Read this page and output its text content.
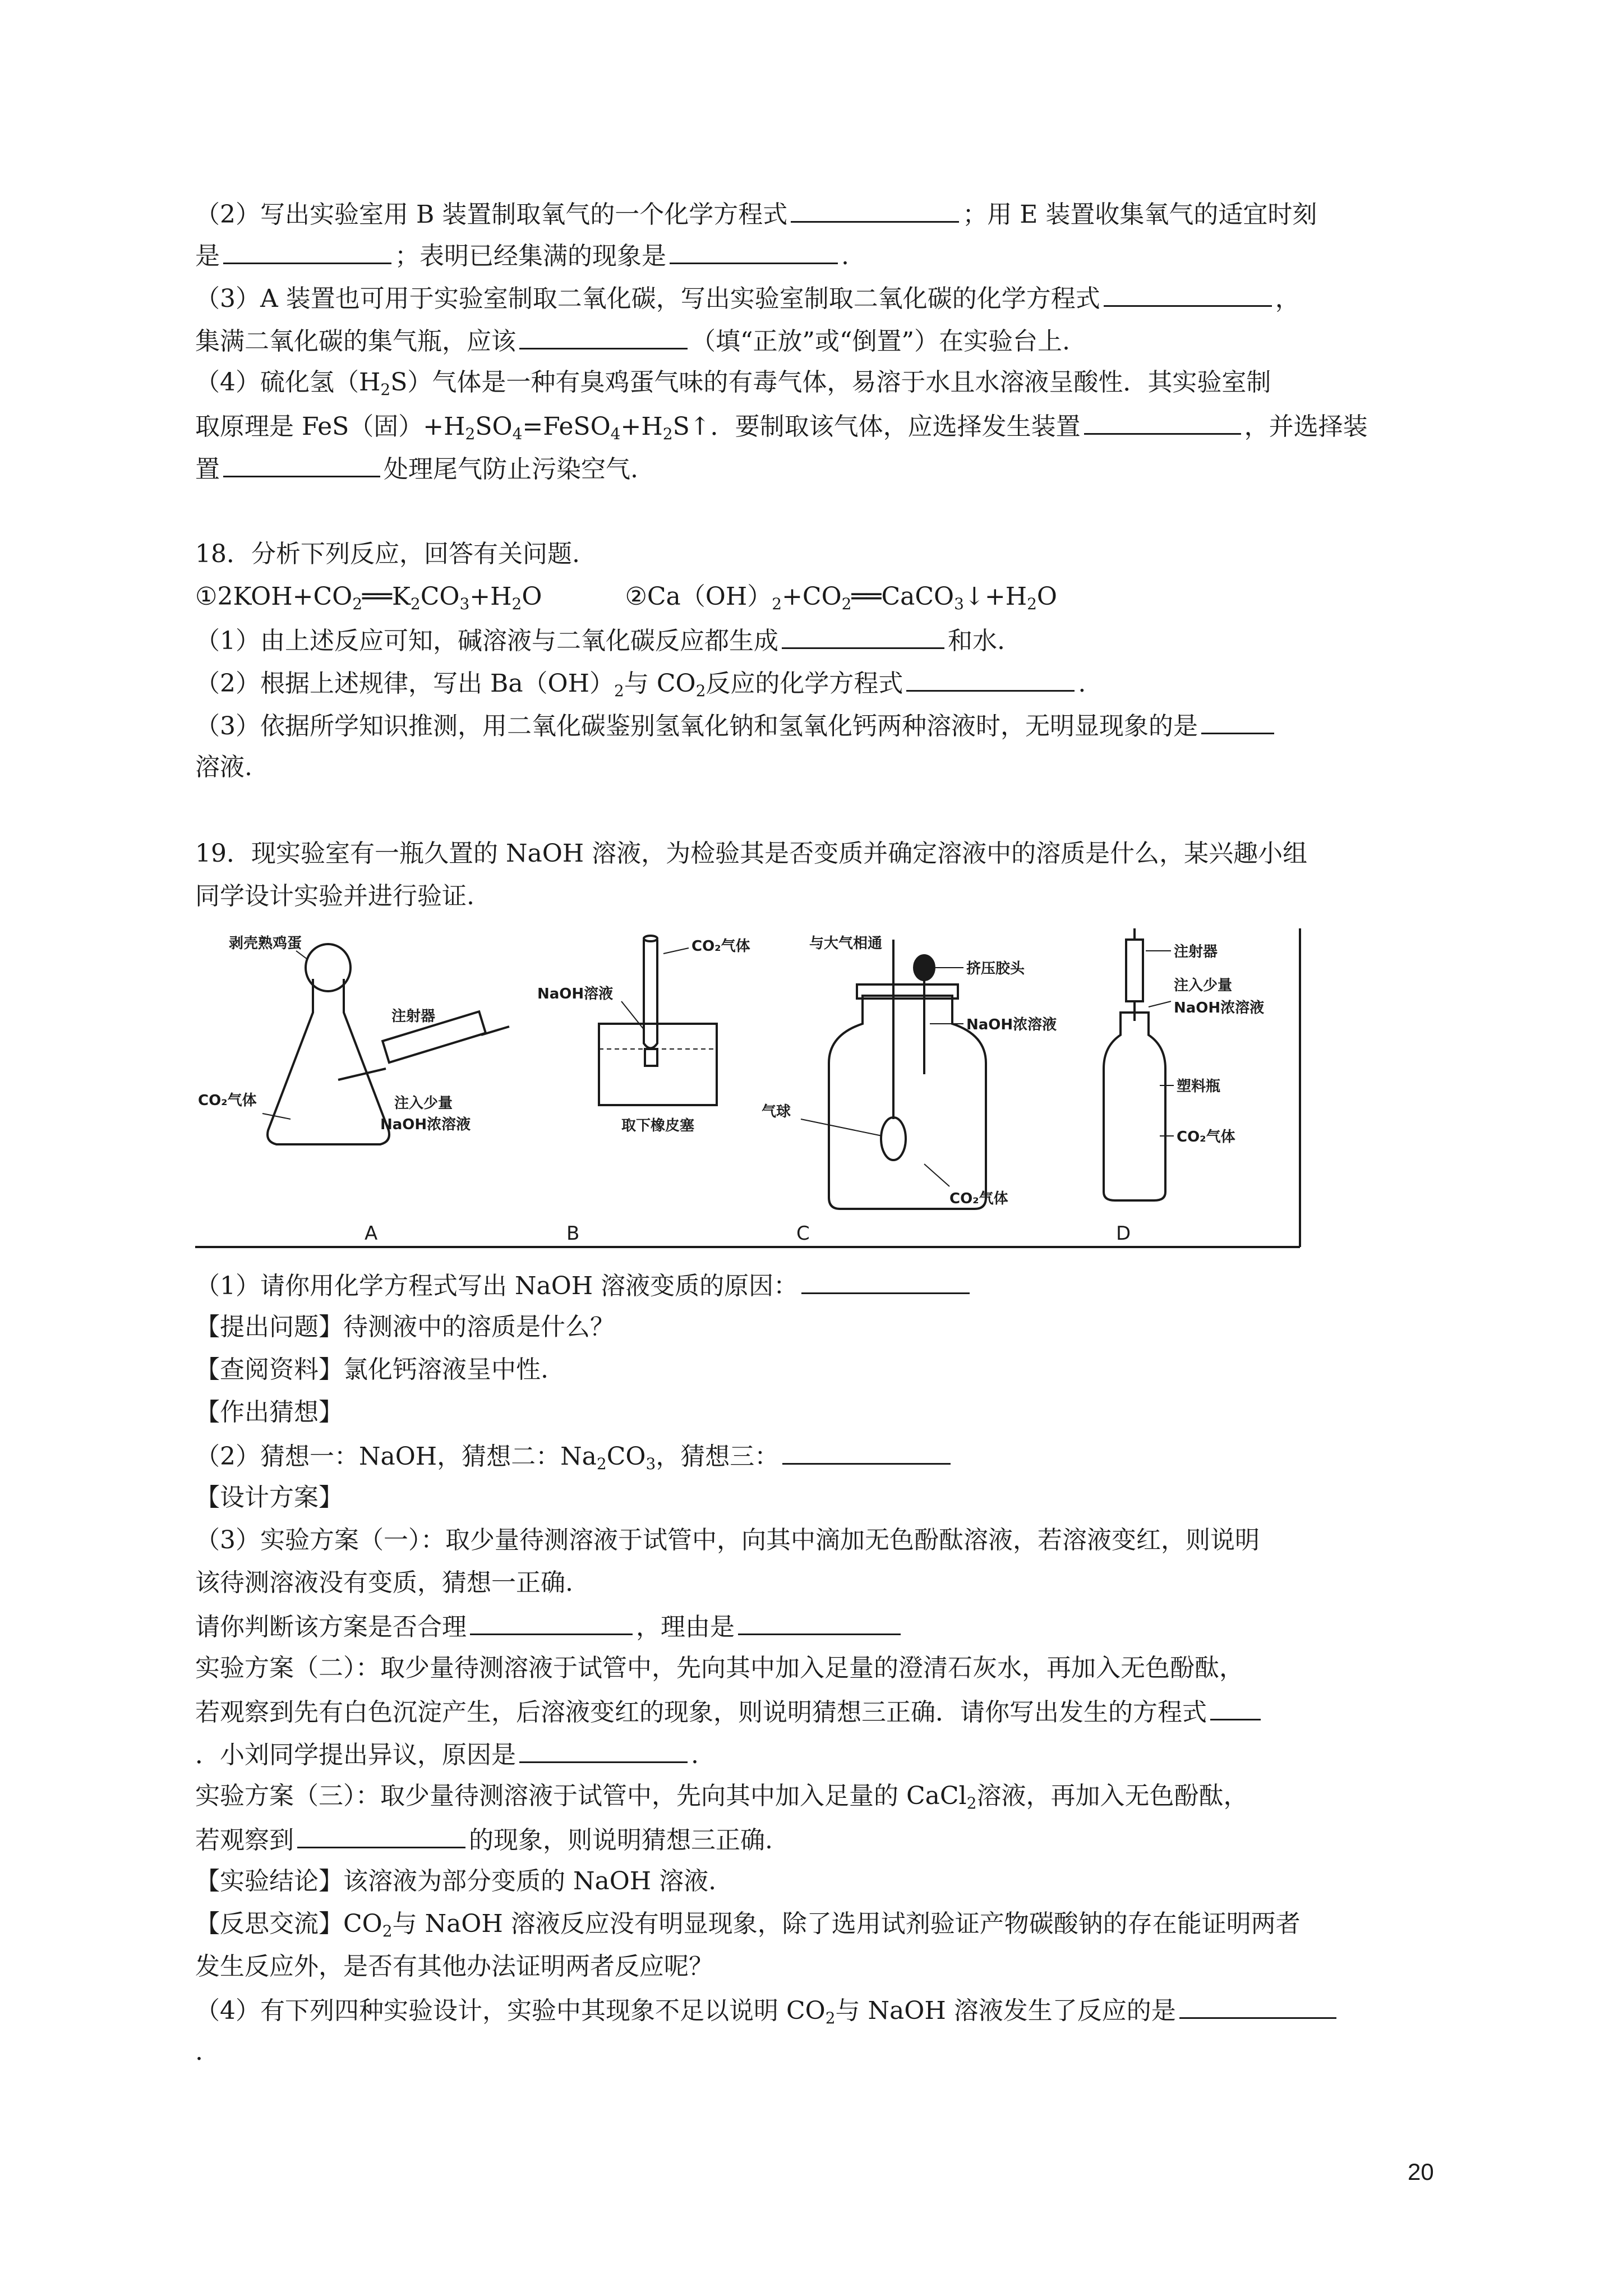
（2）写出实验室用 B 装置制取氧气的一个化学方程式	；用 E 装置收集氧气的适宜时刻
是	；表明已经集满的现象是	.
（3）A 装置也可用于实验室制取二氧化碳，写出实验室制取二氧化碳的化学方程式	，
集满二氧化碳的集气瓶，应该	（填“正放”或“倒置”）在实验台上.
（4）硫化氢$(H_2S)$气体是一种有臭鸡蛋气味的有毒气体，易溶于水且水溶液呈酸性．其实验室制
取原理是 FeS（固）$+H_2SO_4=FeSO_4+H_2S↑$．要制取该气体，应选择发生装置	，并选择装
置	处理尾气防止污染空气.
18．分析下列反应，回答有关问题.
$①2KOH+CO_2══K_2CO_3+H_2O$	$②Ca(OH)_2+CO_2══CaCO_3↓+H_2O$
（1）由上述反应可知，碱溶液与二氧化碳反应都生成	和水.
（2）根据上述规律，写出 $Ba(OH)_2$与 $CO_2$反应的化学方程式	.
（3）依据所学知识推测，用二氧化碳鉴别氢氧化钠和氢氧化钙两种溶液时，无明显现象的是
溶液.
19．现实验室有一瓶久置的 NaOH 溶液，为检验其是否变质并确定溶液中的溶质是什么，某兴趣小组
同学设计实验并进行验证.
剥壳熟鸡蛋
注射器
CO₂气体	注入少量
NaOH浓溶液
NaOH溶液
CO₂气体
取下橡皮塞
与大气相通
挤压胶头
NaOH浓溶液
气球
CO₂气体
注射器
注入少量
NaOH浓溶液
塑料瓶
CO₂气体
A	B	C	D
（1）请你用化学方程式写出 NaOH 溶液变质的原因：
【提出问题】待测液中的溶质是什么？
【查阅资料】氯化钙溶液呈中性.
【作出猜想】
（2）猜想一：NaOH，猜想二：$Na_2CO_3$，猜想三：
【设计方案】
（3）实验方案（一）：取少量待测溶液于试管中，向其中滴加无色酚酞溶液，若溶液变红，则说明
该待测溶液没有变质，猜想一正确.
请你判断该方案是否合理	，理由是
实验方案（二）：取少量待测溶液于试管中，先向其中加入足量的澄清石灰水，再加入无色酚酞，
若观察到先有白色沉淀产生，后溶液变红的现象，则说明猜想三正确．请你写出发生的方程式
．小刘同学提出异议，原因是	.
实验方案（三）：取少量待测溶液于试管中，先向其中加入足量的 CaCl$_2$溶液，再加入无色酚酞，
若观察到	的现象，则说明猜想三正确.
【实验结论】该溶液为部分变质的 NaOH 溶液.
【反思交流】$CO_2$与 NaOH 溶液反应没有明显现象，除了选用试剂验证产物碳酸钠的存在能证明两者
发生反应外，是否有其他办法证明两者反应呢？
（4）有下列四种实验设计，实验中其现象不足以说明 $CO_2$与 NaOH 溶液发生了反应的是
.
20
